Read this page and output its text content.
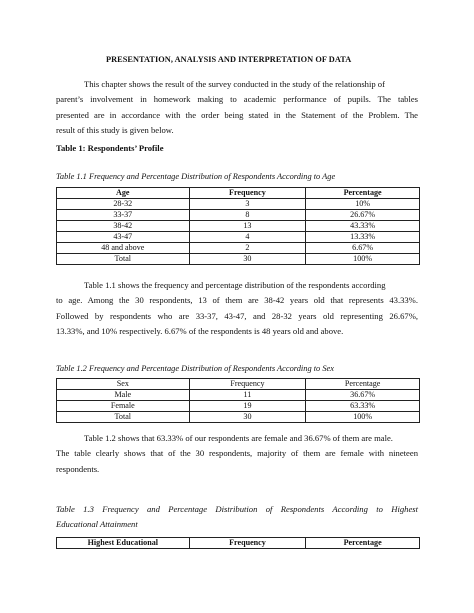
PRESENTATION, ANALYSIS AND INTERPRETATION OF DATA
This chapter shows the result of the survey conducted in the study of the relationship of
parent’s involvement in homework making to academic performance of pupils. The tables
presented are in accordance with the order being stated in the Statement of the Problem. The
result of this study is given below.
Table 1: Respondents’ Profile
Table 1.1 Frequency and Percentage Distribution of Respondents According to Age
Age	Frequency	Percentage
28-32	3	10%
33-37	8	26.67%
38-42	13	43.33%
43-47	4	13.33%
48 and above	2	6.67%
Total	30	100%
Table 1.1 shows the frequency and percentage distribution of the respondents according
to age. Among the 30 respondents, 13 of them are 38-42 years old that represents 43.33%.
Followed by respondents who are 33-37, 43-47, and 28-32 years old representing 26.67%,
13.33%, and 10% respectively. 6.67% of the respondents is 48 years old and above.
Table 1.2 Frequency and Percentage Distribution of Respondents According to Sex
Sex	Frequency	Percentage
Male	11	36.67%
Female	19	63.33%
Total	30	100%
Table 1.2 shows that 63.33% of our respondents are female and 36.67% of them are male.
The table clearly shows that of the 30 respondents, majority of them are female with nineteen
respondents.
Table 1.3 Frequency and Percentage Distribution of Respondents According to Highest
Educational Attainment
Highest Educational	Frequency	Percentage
